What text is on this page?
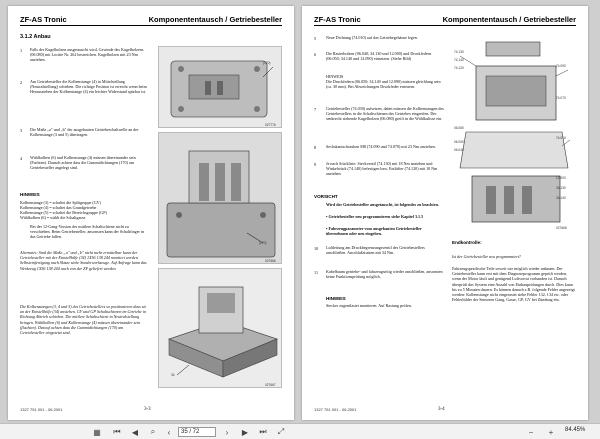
ZF-AS Tronic	Komponententausch / Getriebesteller
3.1.2 Anbau
1 Falls der Kugelbolzen ausgetauscht wird, Gewinde des Kugelbolzens (06.080) mit Loctite Nr. 262 bestreichen. Kugelbolzen mit 23 Nm anziehen.
2 Am Getriebesteller die Kolbenstange (4) in Mittelstellung (Neutralstellung) schieben. Die richtige Position ist erreicht wenn beim Herausziehen der Kolbenstange (4) ein leichter Widerstand spürbar ist.
3 Die Maße „a" und „b" der ausgebauten Getriebeschaltwelle an der Kolbenstange (3 und 5) übertragen.
4 Wählkolben (6) und Kolbenstange (4) müssen übereinander sein (Fuchten). Danach achten dass die Gummidichtungen (170) am Getriebesteller angelegt sind.
HINWEIS
Kolbenstange (3) = schaltet die Splitgruppe (GV)
Kolbenstange (4) = schaltet das Grundgetriebe
Kolbenstange (5) = schaltet die Bereichsgruppe (GP)
Wählkolben (6) = wählt die Schaltgasse
Bei der 12-Gang-Version der mittlere Schaltschiene nicht zu verschieben. Beim Getriebesteller, ansonsten kann der Schaltfinger in das Getriebe fallen.
Alternativ: Sind die Maße „a" und „b" nicht mehr ermittelbar kann der Getriebesteller mit der Einstellhilfe (34) 1X56 138 244 montiert werden. Selbsteinfertigung nach Skizze siehe Sonderwerkzeuge. Auf Anfrage kann das Werkzeug 1X56 138 244 auch von der ZF geliefert werden.
Die Kolbenstangen (3, 4 und 5) des Getriebestellers so positionieren dass sie an der Einstellhilfe (34) anstehen. GV und GP Schaltschienen im Getriebe in Richtung Abtrieb schieben. Die mittlere Schaltschiene in Neutralstellung bringen. Wählkolben (6) und Kolbenstange (4) müssen übereinander sein (fluchten). Darauf achten dass die Gummidichtungen (170) am Getriebesteller eingesetzt sind.
(170)
027776
(170)
027666
34
027667
1327 751 001 - 06.2001	3-3
ZF-AS Tronic	Komponententausch / Getriebesteller
5 Neue Dichtung (74.010) auf das Getriebegehäuse legen.
6 Die Rasterbolzen (06.040; 34.130 und 12.000) und Druckfedern (06.050; 34.140 und 12.090) einsetzen. (Siehe Bild)
HINWEIS
Die Druckfedern (06.050; 34.140 und 12.090) müssen gleichlang sein (ca. 30 mm). Bei Abweichungen Druckfeder erneuern.
7 Getriebesteller (74.030) aufsetzen, dabei müssen die Kolbenstangen des Getriebestellers in die Schaltschienen des Getriebes eingreifen. Der senkrecht stehende Kugelbolzen (06.080) greift in die Wählkulisse ein.
8 Sechskantschrauben M8 (74.090 und 74.070) mit 23 Nm anziehen.
9 Je nach Stückliste: Steckventil (74.130) mit 18 Nm anziehen und Winkelstück (74.140) befestigen bzw. Entlüfter (74.120) mit 10 Nm anziehen.
VORSICHT
Wird der Getriebesteller ausgetauscht, ist folgendes zu beachten.
• Getriebesteller neu programmieren siehe Kapitel 3.1.5
• Fahrzeugparameter vom ausgebauten Getriebesteller übernehmen oder neu eingeben.
10 Luftleitung am Druckbegrenzungsventil des Getriebestellers anschließen. Anschlußstutzen mit 34 Nm.
11 Kabelbaum getriebe- und fahrzeugseitig wieder anschließen, ansonsten keine Funktionsprüfung möglich.
HINWEIS
Stecker zugentlastet montieren. Auf Rastung prüfen.
74.130
74.140
74.120	74.090
74.070
74.010
06.080
06.050
06.040
12.000
34.130
34.140
027668
Endkontrolle:
Ist der Getriebesteller neu programmiert?
Fahrzeugspezifische Teile soweit wie möglich wieder anbauen. Der Getriebesteller kann erst mit dem Diagnoseprogramm geprüft werden, wenn der Motor läuft und genügend Luftvorrat vorhanden ist. Danach überprüft das System eine Anzahl von Einbauprüfungen durch. Dies kann bis zu 5 Minuten dauern. Es können danach z.B. folgende Fehler angezeigt werden: Kolbenstange nicht eingerastet siehe Fehler 132, 134 etc. oder Fehlerbilder der Sensoren Gang, Gasse, GP, GV bei Zündung ein.
1327 751 001 - 06.2001	3-4
▦	⏮	◀	⌕	‹	35 / 72	›	▶	⏭	⤢	−	+	84.45%
